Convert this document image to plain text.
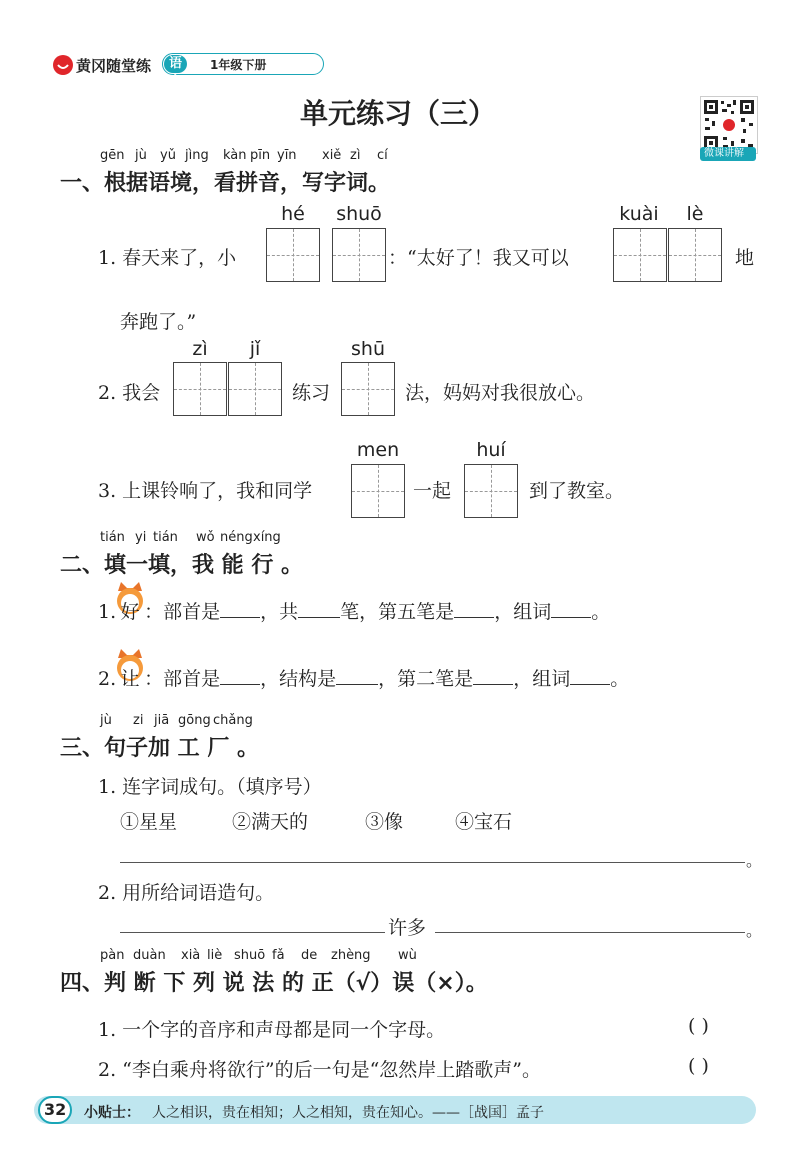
黄冈随堂练	语文
1年级下册
单元练习（三）
微课讲解
gēn jù yǔ jìng kàn pīn yīn xiě zì cí
一、根据语境，看拼音，写字词。
hé	shuō	kuài	lè
1. 春天来了，小	：“太好了！我又可以	地
奔跑了。”
zì	jǐ	shū
2. 我会	练习	法，妈妈对我很放心。
men	huí
3. 上课铃响了，我和同学	一起	到了教室。
tián yi tián wǒ néng xíng
二、填一填，我 能 行 。
1. 好 ：部首是 ，共 笔，第五笔是 ，组词 。
2. 让 ：部首是 ，结构是 ，第二笔是 ，组词 。
jù zi jiā gōng chǎng
三、句子加 工 厂 。
1. 连字词成句。（填序号）
①星星	②满天的	③像	④宝石
。
2. 用所给词语造句。
许多	。
pàn duàn xià liè shuō fǎ de zhèng wù
四、判 断 下 列 说 法 的 正（√）误（×）。
1. 一个字的音序和声母都是同一个字母。	( )
2. “李白乘舟将欲行”的后一句是“忽然岸上踏歌声”。	( )
32 小贴士： 人之相识，贵在相知；人之相知，贵在知心。——［战国］孟子
